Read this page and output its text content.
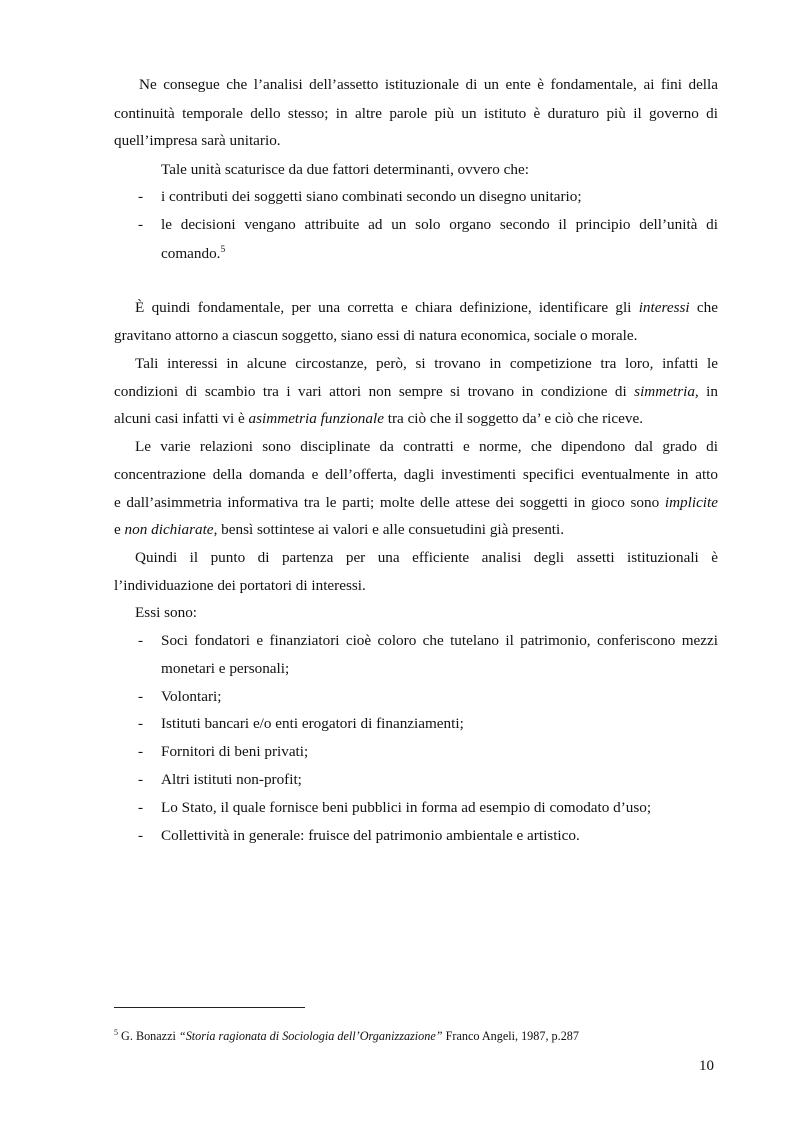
Ne consegue che l’analisi dell’assetto istituzionale di un ente è fondamentale, ai fini della
continuità temporale dello stesso; in altre parole più un istituto è duraturo più il governo di
quell’impresa sarà unitario.
Tale unità scaturisce da due fattori determinanti, ovvero che:
- i contributi dei soggetti siano combinati secondo un disegno unitario;
- le decisioni vengano attribuite ad un solo organo secondo il principio dell’unità di
comando.$^5$
È quindi fondamentale, per una corretta e chiara definizione, identificare gli interessi che
gravitano attorno a ciascun soggetto, siano essi di natura economica, sociale o morale.
Tali interessi in alcune circostanze, però, si trovano in competizione tra loro, infatti le
condizioni di scambio tra i vari attori non sempre si trovano in condizione di simmetria, in
alcuni casi infatti vi è asimmetria funzionale tra ciò che il soggetto da’ e ciò che riceve.
Le varie relazioni sono disciplinate da contratti e norme, che dipendono dal grado di
concentrazione della domanda e dell’offerta, dagli investimenti specifici eventualmente in atto
e dall’asimmetria informativa tra le parti; molte delle attese dei soggetti in gioco sono implicite
e non dichiarate, bensì sottintese ai valori e alle consuetudini già presenti.
Quindi il punto di partenza per una efficiente analisi degli assetti istituzionali è
l’individuazione dei portatori di interessi.
Essi sono:
- Soci fondatori e finanziatori cioè coloro che tutelano il patrimonio, conferiscono mezzi
monetari e personali;
- Volontari;
- Istituti bancari e/o enti erogatori di finanziamenti;
- Fornitori di beni privati;
- Altri istituti non-profit;
- Lo Stato, il quale fornisce beni pubblici in forma ad esempio di comodato d’uso;
- Collettività in generale: fruisce del patrimonio ambientale e artistico.
$^5$ G. Bonazzi “Storia ragionata di Sociologia dell’Organizzazione” Franco Angeli, 1987, p.287
10
